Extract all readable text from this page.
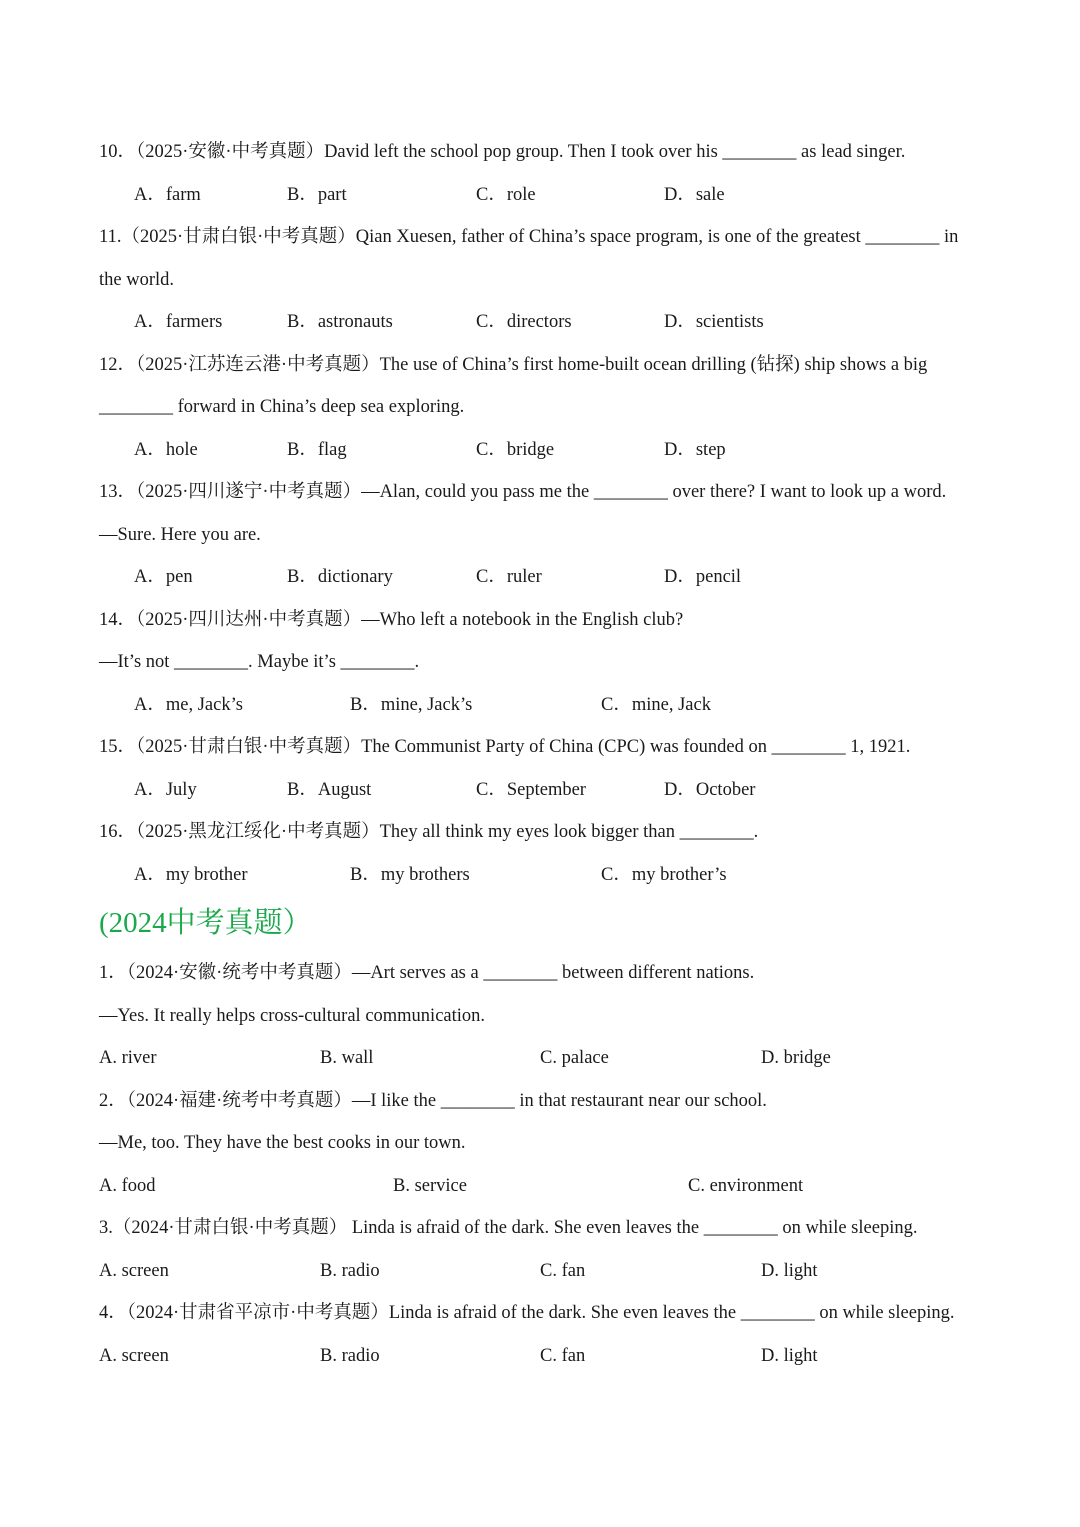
10．（2025·安徽·中考真题）David left the school pop group. Then I took over his ________ as lead singer.
A．farm	B．part	C．role	D．sale
11.（2025·甘肃白银·中考真题）Qian Xuesen, father of China’s space program, is one of the greatest ________ in
the world.
A．farmers	B．astronauts	C．directors	D．scientists
12．（2025·江苏连云港·中考真题）The use of China’s first home-built ocean drilling (钻探) ship shows a big
________ forward in China’s deep sea exploring.
A．hole	B．flag	C．bridge	D．step
13．（2025·四川遂宁·中考真题）—Alan, could you pass me the ________ over there? I want to look up a word.
—Sure. Here you are.
A．pen	B．dictionary	C．ruler	D．pencil
14．（2025·四川达州·中考真题）—Who left a notebook in the English club?
—It’s not ________. Maybe it’s ________.
A．me, Jack’s	B．mine, Jack’s	C．mine, Jack
15．（2025·甘肃白银·中考真题）The Communist Party of China (CPC) was founded on ________ 1, 1921.
A．July	B．August	C．September	D．October
16．（2025·黑龙江绥化·中考真题）They all think my eyes look bigger than ________.
A．my brother	B．my brothers	C．my brother’s
(2024中考真题）
1．（2024·安徽·统考中考真题）—Art serves as a ________ between different nations.
—Yes. It really helps cross-cultural communication.
A. river	B. wall	C. palace	D. bridge
2．（2024·福建·统考中考真题）—I like the ________ in that restaurant near our school.
—Me, too. They have the best cooks in our town.
A. food	B. service	C. environment
3.（2024·甘肃白银·中考真题） Linda is afraid of the dark. She even leaves the ________ on while sleeping.
A. screen	B. radio	C. fan	D. light
4．（2024·甘肃省平凉市·中考真题）Linda is afraid of the dark. She even leaves the ________ on while sleeping.
A. screen	B. radio	C. fan	D. light
